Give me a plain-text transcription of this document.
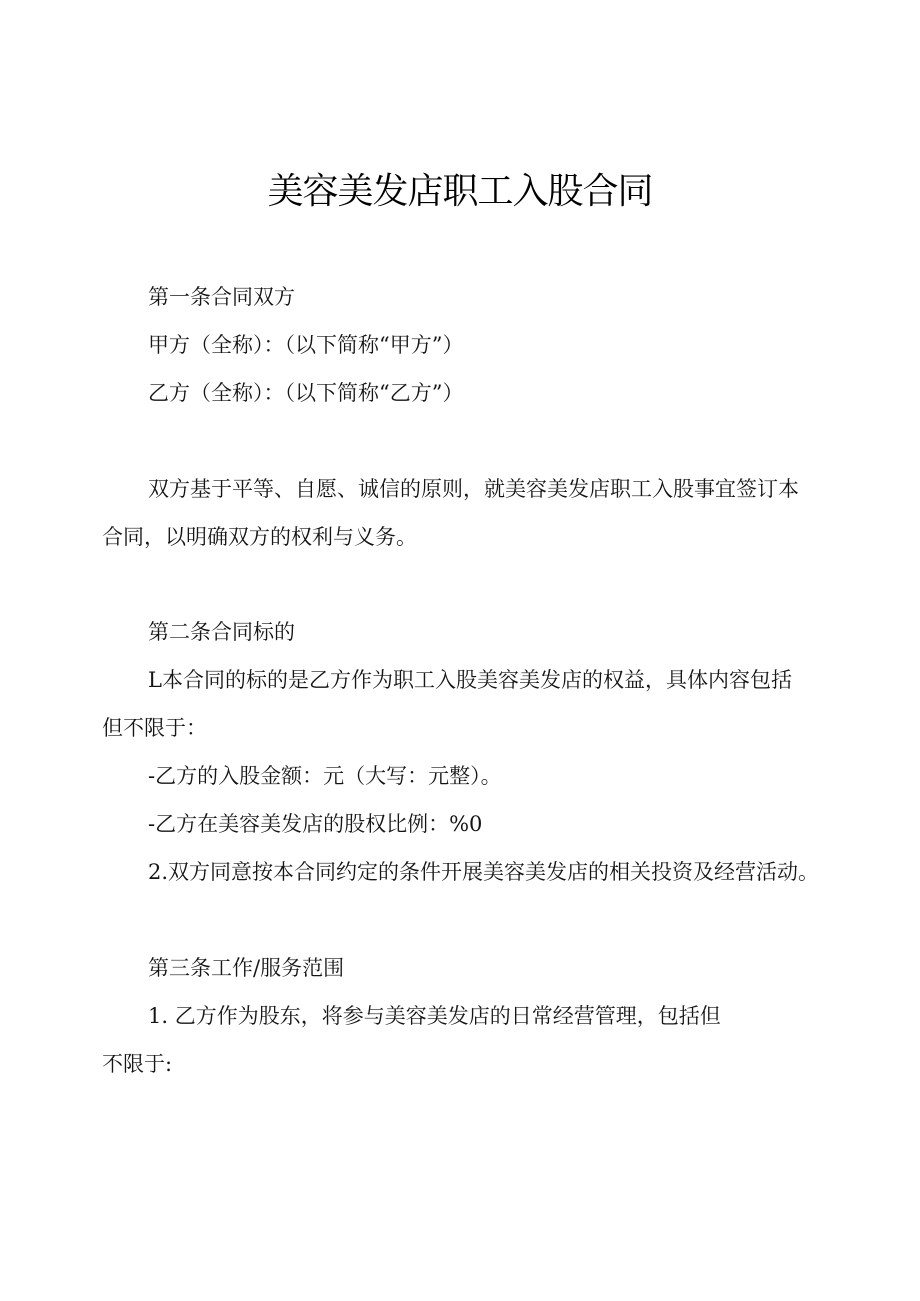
美容美发店职工入股合同
第一条合同双方
甲方（全称）：（以下简称“甲方”）
乙方（全称）：（以下简称“乙方”）
双方基于平等、自愿、诚信的原则，就美容美发店职工入股事宜签订本
合同，以明确双方的权利与义务。
第二条合同标的
L本合同的标的是乙方作为职工入股美容美发店的权益，具体内容包括
但不限于：
-乙方的入股金额：元（大写：元整）。
-乙方在美容美发店的股权比例：%0
2.双方同意按本合同约定的条件开展美容美发店的相关投资及经营活动。
第三条工作/服务范围
1. 乙方作为股东，将参与美容美发店的日常经营管理，包括但
不限于:
